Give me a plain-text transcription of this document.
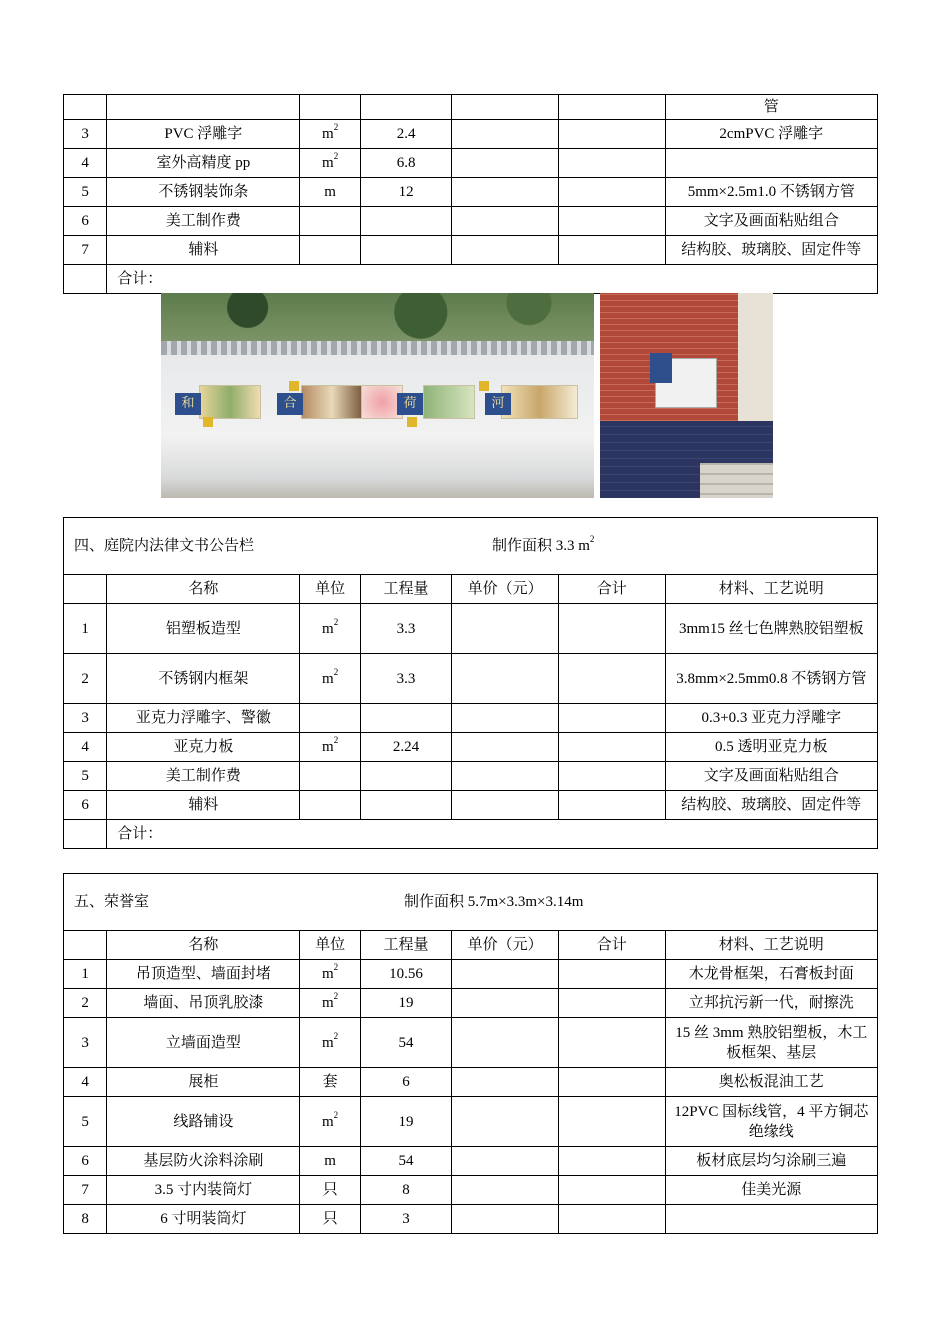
						管
3	PVC 浮雕字	$m^2$	2.4			2cmPVC 浮雕字
4	室外高精度 pp	$m^2$	6.8			
5	不锈钢装饰条	m	12			5mm×2.5m1.0 不锈钢方管
6	美工制作费					文字及画面粘贴组合
7	辅料					结构胶、玻璃胶、固定件等
	合计：					
和	合	荷	河
四、庭院内法律文书公告栏 制作面积 3.3 $m^2$
	名称	单位	工程量	单价（元）	合计	材料、工艺说明
1	铝塑板造型	$m^2$	3.3			3mm15 丝七色牌熟胶铝塑板
2	不锈钢内框架	$m^2$	3.3			3.8mm×2.5mm0.8 不锈钢方管
3	亚克力浮雕字、警徽					0.3+0.3 亚克力浮雕字
4	亚克力板	$m^2$	2.24			0.5 透明亚克力板
5	美工制作费					文字及画面粘贴组合
6	辅料					结构胶、玻璃胶、固定件等
	合计：					
五、荣誉室 制作面积 5.7m×3.3m×3.14m						
	名称	单位	工程量	单价（元）	合计	材料、工艺说明
1	吊顶造型、墙面封堵	$m^2$	10.56			木龙骨框架，石膏板封面
2	墙面、吊顶乳胶漆	$m^2$	19			立邦抗污新一代，耐擦洗
3	立墙面造型	$m^2$	54			15 丝 3mm 熟胶铝塑板，木工板框架、基层
4	展柜	套	6			奥松板混油工艺
5	线路铺设	$m^2$	19			12PVC 国标线管，4 平方铜芯绝缘线
6	基层防火涂料涂刷	m	54			板材底层均匀涂刷三遍
7	3.5 寸内装筒灯	只	8			佳美光源
8	6 寸明装筒灯	只	3			
